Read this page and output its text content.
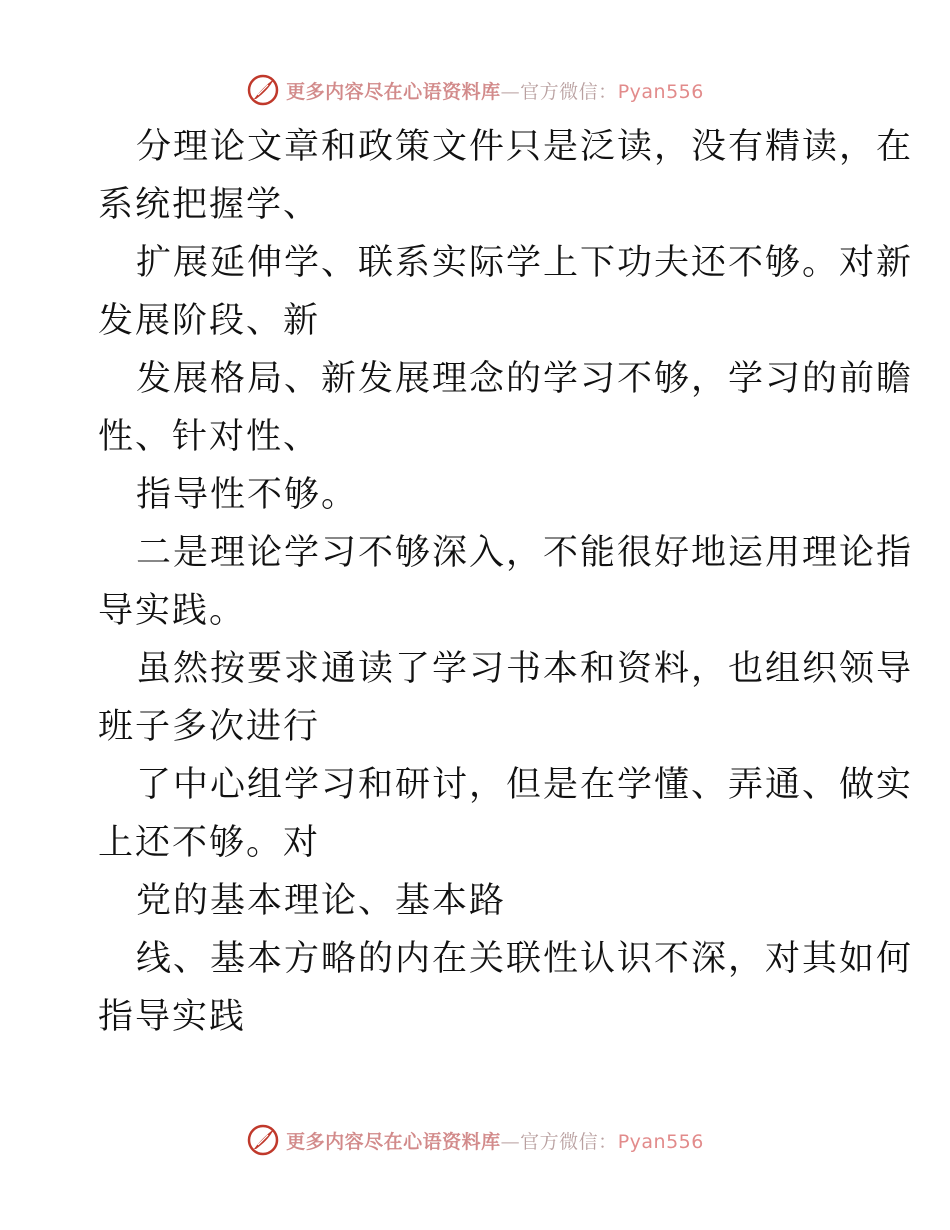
更多内容尽在心语资料库—官方微信：Pyan556
分理论文章和政策文件只是泛读，没有精读，在
系统把握学、
扩展延伸学、联系实际学上下功夫还不够。对新
发展阶段、新
发展格局、新发展理念的学习不够，学习的前瞻
性、针对性、
指导性不够。
二是理论学习不够深入，不能很好地运用理论指
导实践。
虽然按要求通读了学习书本和资料，也组织领导
班子多次进行
了中心组学习和研讨，但是在学懂、弄通、做实
上还不够。对
党的基本理论、基本路
线、基本方略的内在关联性认识不深，对其如何
指导实践
更多内容尽在心语资料库—官方微信：Pyan556
